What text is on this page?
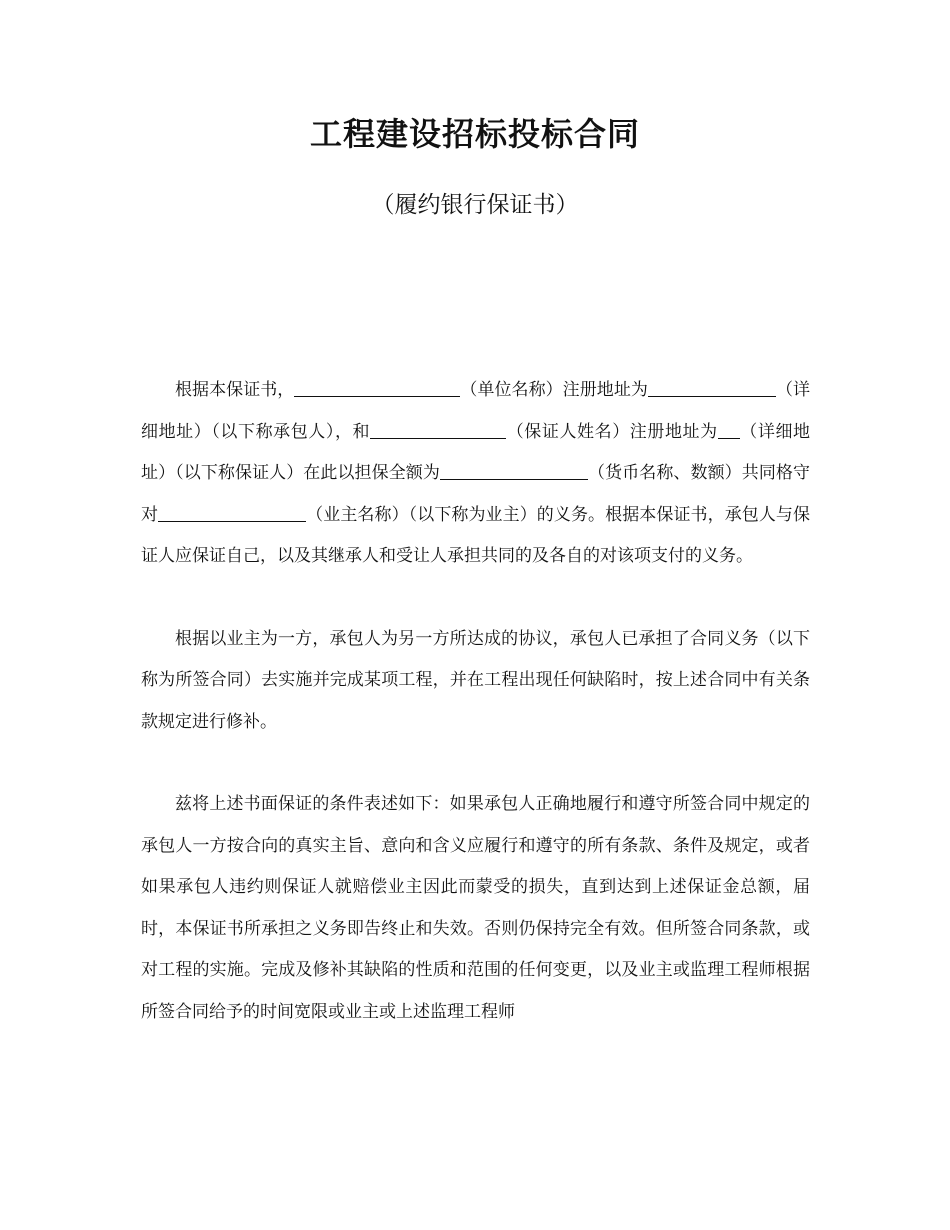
工程建设招标投标合同
（履约银行保证书）

根据本保证书，	（单位名称）注册地址为	（详细地址）（以下称承包人），和	（保证人姓名）注册地址为 （详细地址）（以下称保证人）在此以担保全额为	（货币名称、数额）共同格守对	（业主名称）（以下称为业主）的义务。根据本保证书，承包人与保证人应保证自己，以及其继承人和受让人承担共同的及各自的对该项支付的义务。

根据以业主为一方，承包人为另一方所达成的协议，承包人已承担了合同义务（以下称为所签合同）去实施并完成某项工程，并在工程出现任何缺陷时，按上述合同中有关条款规定进行修补。

兹将上述书面保证的条件表述如下：如果承包人正确地履行和遵守所签合同中规定的承包人一方按合向的真实主旨、意向和含义应履行和遵守的所有条款、条件及规定，或者如果承包人违约则保证人就赔偿业主因此而蒙受的损失，直到达到上述保证金总额，届时，本保证书所承担之义务即告终止和失效。否则仍保持完全有效。但所签合同条款，或对工程的实施。完成及修补其缺陷的性质和范围的任何变更，以及业主或监理工程师根据所签合同给予的时间宽限或业主或上述监理工程师
